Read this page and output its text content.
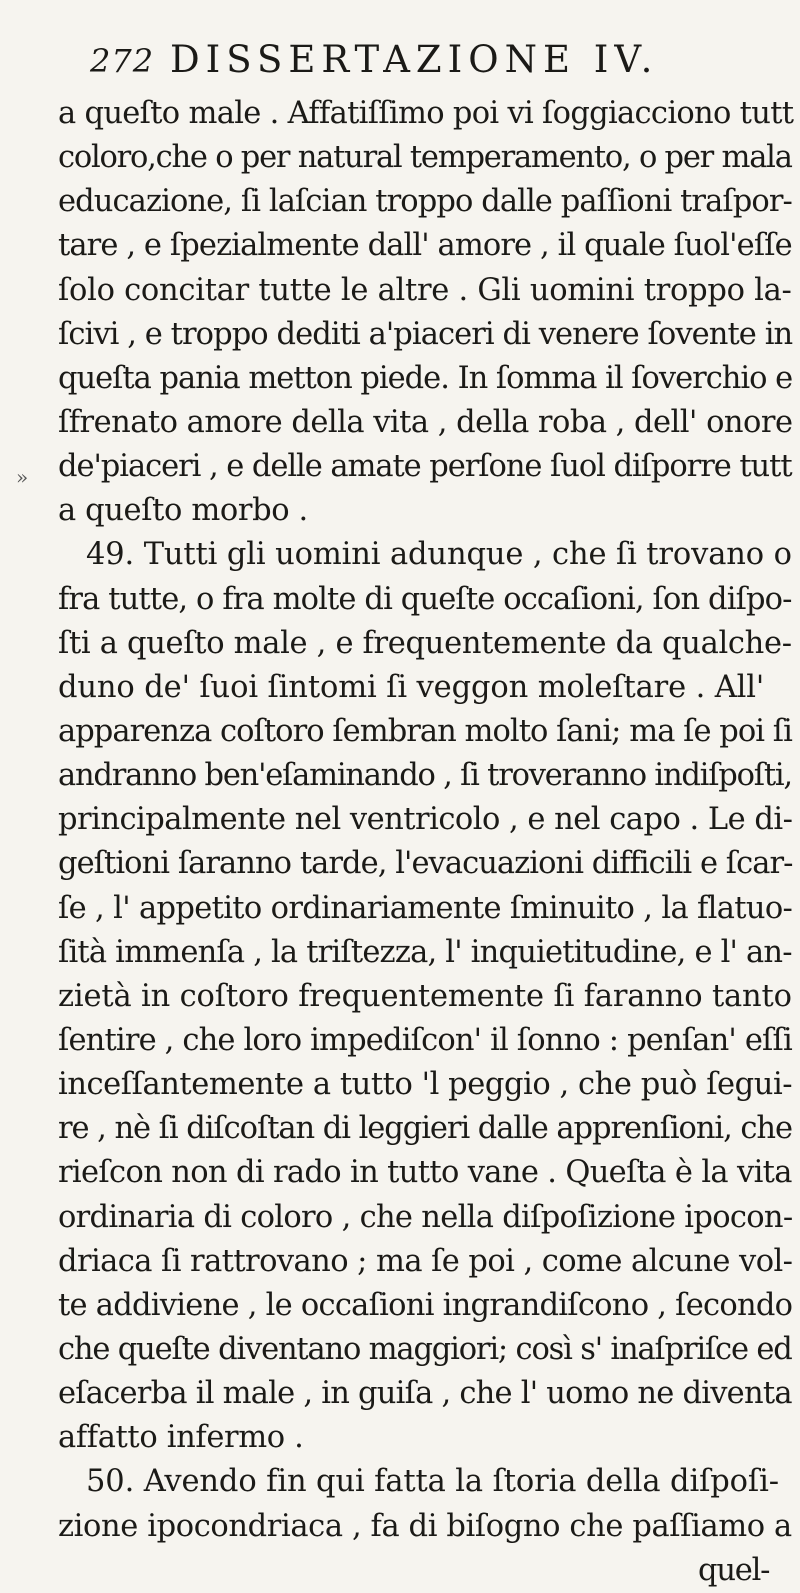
272 DISSERTAZIONE IV.
»
a queſto male . Affatiſſimo poi vi ſoggiacciono tutt
coloro,che o per natural temperamento, o per mala
educazione, ſi laſcian troppo dalle paſſioni traſpor-
tare , e ſpezialmente dall' amore , il quale ſuol'eſſe
ſolo concitar tutte le altre . Gli uomini troppo la-
ſcivi , e troppo dediti a'piaceri di venere ſovente in
queſta pania metton piede. In ſomma il ſoverchio e
ſfrenato amore della vita , della roba , dell' onore
de'piaceri , e delle amate perſone ſuol diſporre tutt
a queſto morbo .
49. Tutti gli uomini adunque , che ſi trovano o
fra tutte, o fra molte di queſte occaſioni, ſon diſpo-
ſti a queſto male , e frequentemente da qualche-
duno de' ſuoi ſintomi ſi veggon moleſtare . All'
apparenza coſtoro ſembran molto ſani; ma ſe poi ſi
andranno ben'eſaminando , ſi troveranno indiſpoſti,
principalmente nel ventricolo , e nel capo . Le di-
geſtioni ſaranno tarde, l'evacuazioni difficili e ſcar-
ſe , l' appetito ordinariamente ſminuito , la flatuo-
ſità immenſa , la triſtezza, l' inquietitudine, e l' an-
zietà in coſtoro frequentemente ſi faranno tanto
ſentire , che loro impediſcon' il ſonno : penſan' eſſi
inceſſantemente a tutto 'l peggio , che può ſegui-
re , nè ſi diſcoſtan di leggieri dalle apprenſioni, che
rieſcon non di rado in tutto vane . Queſta è la vita
ordinaria di coloro , che nella diſpoſizione ipocon-
driaca ſi rattrovano ; ma ſe poi , come alcune vol-
te addiviene , le occaſioni ingrandiſcono , ſecondo
che queſte diventano maggiori; così s' inaſpriſce ed
eſacerba il male , in guiſa , che l' uomo ne diventa
affatto infermo .
50. Avendo fin qui fatta la ſtoria della diſpoſi-
zione ipocondriaca , fa di biſogno che paſſiamo a
quel-
